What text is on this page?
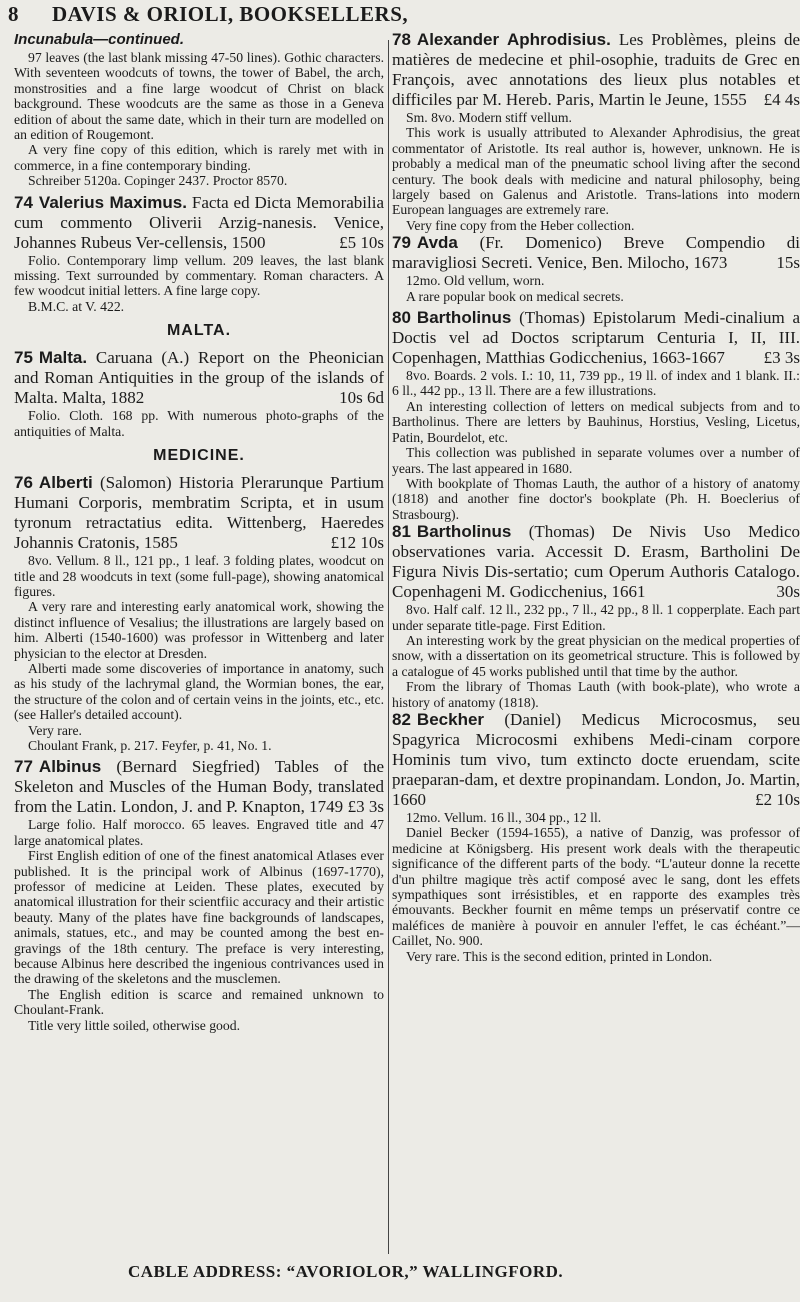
8 DAVIS & ORIOLI, BOOKSELLERS,

Incunabula—continued.

97 leaves (the last blank missing 47-50 lines). Gothic characters. With seventeen woodcuts of towns, the tower of Babel, the arch, monstrosities and a fine large woodcut of Christ on black background. These woodcuts are the same as those in a Geneva edition of about the same date, which in their turn are modelled on an edition of Rougemont.

A very fine copy of this edition, which is rarely met with in commerce, in a fine contemporary binding.

Schreiber 5120a. Copinger 2437. Proctor 8570.

74 Valerius Maximus. Facta ed Dicta Memorabilia cum commento Oliverii Arzig-nanesis. Venice, Johannes Rubeus Ver-cellensis, 1500	£5 10s

Folio. Contemporary limp vellum. 209 leaves, the last blank missing. Text surrounded by commentary. Roman characters. A few woodcut initial letters. A fine large copy.

B.M.C. at V. 422.

MALTA.

75 Malta. Caruana (A.) Report on the Pheonician and Roman Antiquities in the group of the islands of Malta. Malta, 1882	10s 6d

Folio. Cloth. 168 pp. With numerous photo-graphs of the antiquities of Malta.

MEDICINE.

76 Alberti (Salomon) Historia Plerarunque Partium Humani Corporis, membratim Scripta, et in usum tyronum retractatius edita. Wittenberg, Haeredes Johannis Cratonis, 1585	£12 10s

8vo. Vellum. 8 ll., 121 pp., 1 leaf. 3 folding plates, woodcut on title and 28 woodcuts in text (some full-page), showing anatomical figures.

A very rare and interesting early anatomical work, showing the distinct influence of Vesalius; the illustrations are largely based on him. Alberti (1540-1600) was professor in Wittenberg and later physician to the elector at Dresden.

Alberti made some discoveries of importance in anatomy, such as his study of the lachrymal gland, the Wormian bones, the ear, the structure of the colon and of certain veins in the joints, etc., etc. (see Haller's detailed account).

Very rare.

Choulant Frank, p. 217. Feyfer, p. 41, No. 1.

77 Albinus (Bernard Siegfried) Tables of the Skeleton and Muscles of the Human Body, translated from the Latin. London, J. and P. Knapton, 1749 £3 3s

Large folio. Half morocco. 65 leaves. Engraved title and 47 large anatomical plates.

First English edition of one of the finest anatomical Atlases ever published. It is the principal work of Albinus (1697-1770), professor of medicine at Leiden. These plates, executed by anatomical illustration for their scientfiic accuracy and their artistic beauty. Many of the plates have fine backgrounds of landscapes, animals, statues, etc., and may be counted among the best en-gravings of the 18th century. The preface is very interesting, because Albinus here described the ingenious contrivances used in the drawing of the skeletons and the musclemen.

The English edition is scarce and remained unknown to Choulant-Frank.

Title very little soiled, otherwise good.

78 Alexander Aphrodisius. Les Problèmes, pleins de matières de medecine et phil-osophie, traduits de Grec en François, avec annotations des lieux plus notables et difficiles par M. Hereb. Paris, Martin le Jeune, 1555 £4 4s

Sm. 8vo. Modern stiff vellum.

This work is usually attributed to Alexander Aphrodisius, the great commentator of Aristotle. Its real author is, however, unknown. He is probably a medical man of the pneumatic school living after the second century. The book deals with medicine and natural philosophy, being largely based on Galenus and Aristotle. Trans-lations into modern European languages are extremely rare.

Very fine copy from the Heber collection.

79 Avda (Fr. Domenico) Breve Compendio di maravigliosi Secreti. Venice, Ben. Milocho, 1673	15s

12mo. Old vellum, worn.

A rare popular book on medical secrets.

80 Bartholinus (Thomas) Epistolarum Medi-cinalium a Doctis vel ad Doctos scriptarum Centuria I, II, III. Copenhagen, Matthias Godicchenius, 1663-1667 £3 3s

8vo. Boards. 2 vols. I.: 10, 11, 739 pp., 19 ll. of index and 1 blank. II.: 6 ll., 442 pp., 13 ll. There are a few illustrations.

An interesting collection of letters on medical subjects from and to Bartholinus. There are letters by Bauhinus, Horstius, Vesling, Licetus, Patin, Bourdelot, etc.

This collection was published in separate volumes over a number of years. The last appeared in 1680.

With bookplate of Thomas Lauth, the author of a history of anatomy (1818) and another fine doctor's bookplate (Ph. H. Boeclerius of Strasbourg).

81 Bartholinus (Thomas) De Nivis Uso Medico observationes varia. Accessit D. Erasm, Bartholini De Figura Nivis Dis-sertatio; cum Operum Authoris Catalogo. Copenhageni M. Godicchenius, 1661	30s

8vo. Half calf. 12 ll., 232 pp., 7 ll., 42 pp., 8 ll. 1 copperplate. Each part under separate title-page. First Edition.

An interesting work by the great physician on the medical properties of snow, with a dissertation on its geometrical structure. This is followed by a catalogue of 45 works published until that time by the author.

From the library of Thomas Lauth (with book-plate), who wrote a history of anatomy (1818).

82 Beckher (Daniel) Medicus Microcosmus, seu Spagyrica Microcosmi exhibens Medi-cinam corpore Hominis tum vivo, tum extincto docte eruendam, scite praeparan-dam, et dextre propinandam. London, Jo. Martin, 1660	£2 10s

12mo. Vellum. 16 ll., 304 pp., 12 ll.

Daniel Becker (1594-1655), a native of Danzig, was professor of medicine at Königsberg. His present work deals with the therapeutic significance of the different parts of the body. “L'auteur donne la recette d'un philtre magique très actif composé avec le sang, dont les effets sympathiques sont irrésistibles, et en rapporte des examples très émouvants. Beckher fournit en même temps un préservatif contre ce maléfices de manière à pouvoir en annuler l'effet, le cas échéant.”—Caillet, No. 900.

Very rare. This is the second edition, printed in London.

CABLE ADDRESS: “AVORIOLOR,” WALLINGFORD.
